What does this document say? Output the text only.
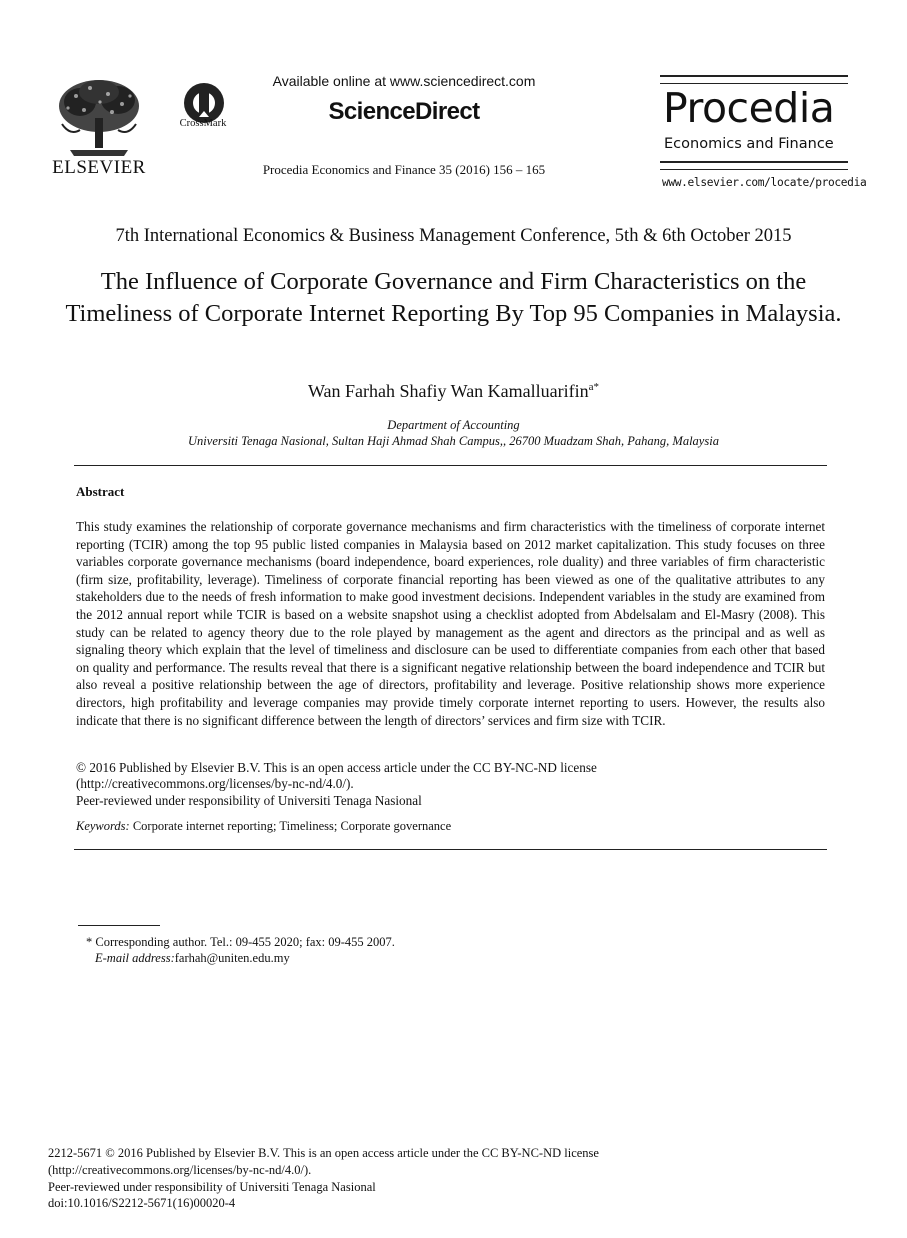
ELSEVIER
CrossMark
Available online at www.sciencedirect.com
ScienceDirect
Procedia Economics and Finance 35 (2016) 156 – 165
Procedia
Economics and Finance
www.elsevier.com/locate/procedia
7th International Economics & Business Management Conference, 5th & 6th October 2015
The Influence of Corporate Governance and Firm Characteristics on the Timeliness of Corporate Internet Reporting By Top 95 Companies in Malaysia.
Wan Farhah Shafiy Wan Kamalluarifin$^{a*}$
Department of Accounting
Universiti Tenaga Nasional, Sultan Haji Ahmad Shah Campus,, 26700 Muadzam Shah, Pahang, Malaysia
Abstract
This study examines the relationship of corporate governance mechanisms and firm characteristics with the timeliness of corporate internet reporting (TCIR) among the top 95 public listed companies in Malaysia based on 2012 market capitalization. This study focuses on three variables corporate governance mechanisms (board independence, board experiences, role duality) and three variables of firm characteristic (firm size, profitability, leverage). Timeliness of corporate financial reporting has been viewed as one of the qualitative attributes to any stakeholders due to the needs of fresh information to make good investment decisions. Independent variables in the study are examined from the 2012 annual report while TCIR is based on a website snapshot using a checklist adopted from Abdelsalam and El-Masry (2008). This study can be related to agency theory due to the role played by management as the agent and directors as the principal and as well as signaling theory which explain that the level of timeliness and disclosure can be used to differentiate companies from each other that based on quality and performance. The results reveal that there is a significant negative relationship between the board independence and TCIR but also reveal a positive relationship between the age of directors, profitability and leverage. Positive relationship shows more experience directors, high profitability and leverage companies may provide timely corporate internet reporting to users. However, the results also indicate that there is no significant difference between the length of directors’ services and firm size with TCIR.
© 2016 Published by Elsevier B.V. This is an open access article under the CC BY-NC-ND license
(http://creativecommons.org/licenses/by-nc-nd/4.0/).
Peer-reviewed under responsibility of Universiti Tenaga Nasional
Keywords: Corporate internet reporting; Timeliness; Corporate governance
* Corresponding author. Tel.: 09-455 2020; fax: 09-455 2007.
E-mail address:farhah@uniten.edu.my
2212-5671 © 2016 Published by Elsevier B.V. This is an open access article under the CC BY-NC-ND license
(http://creativecommons.org/licenses/by-nc-nd/4.0/).
Peer-reviewed under responsibility of Universiti Tenaga Nasional
doi:10.1016/S2212-5671(16)00020-4
